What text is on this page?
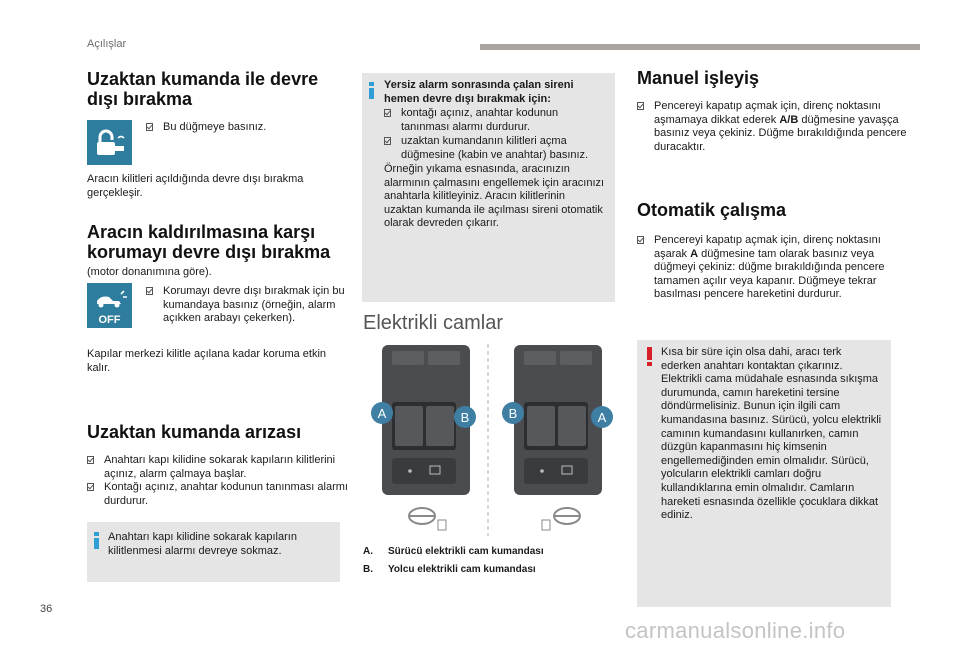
Açılışlar
36
carmanualsonline.info
Uzaktan kumanda ile devre dışı bırakma
Bu düğmeye basınız.

Aracın kilitleri açıldığında devre dışı bırakma gerçekleşir.

Aracın kaldırılmasına karşı korumayı devre dışı bırakma

(motor donanımına göre).

OFF
Korumayı devre dışı bırakmak için bu kumandaya basınız (örneğin, alarm açıkken arabayı çekerken).

Kapılar merkezi kilitle açılana kadar koruma etkin kalır.

Uzaktan kumanda arızası
Anahtarı kapı kilidine sokarak kapıların kilitlerini açınız, alarm çalmaya başlar.
Kontağı açınız, anahtar kodunun tanınması alarmı durdurur.

Anahtarı kapı kilidine sokarak kapıların kilitlenmesi alarmı devreye sokmaz.

Yersiz alarm sonrasında çalan sireni hemen devre dışı bırakmak için:

kontağı açınız, anahtar kodunun tanınması alarmı durdurur.
uzaktan kumandanın kilitleri açma düğmesine (kabin ve anahtar) basınız.

Örneğin yıkama esnasında, aracınızın alarmının çalmasını engellemek için aracınızı anahtarla kilitleyiniz. Aracın kilitlerinin uzaktan kumanda ile açılması sireni otomatik olarak devreden çıkarır.

Elektrikli camlar
A	B	B	A
A. Sürücü elektrikli cam kumandası
B. Yolcu elektrikli cam kumandası
Manuel işleyiş
Pencereyi kapatıp açmak için, direnç noktasını aşmamaya dikkat ederek A/B düğmesine yavaşça basınız veya çekiniz. Düğme bırakıldığında pencere duracaktır.
Otomatik çalışma
Pencereyi kapatıp açmak için, direnç noktasını aşarak A düğmesine tam olarak basınız veya düğmeyi çekiniz: düğme bırakıldığında pencere tamamen açılır veya kapanır. Düğmeye tekrar basılması pencere hareketini durdurur.

Kısa bir süre için olsa dahi, aracı terk ederken anahtarı kontaktan çıkarınız. Elektrikli cama müdahale esnasında sıkışma durumunda, camın hareketini tersine döndürmelisiniz. Bunun için ilgili cam kumandasına basınız. Sürücü, yolcu elektrikli camının kumandasını kullanırken, camın düzgün kapanmasını hiç kimsenin engellemediğinden emin olmalıdır. Sürücü, yolcuların elektrikli camları doğru kullandıklarına emin olmalıdır. Camların hareketi esnasında özellikle çocuklara dikkat ediniz.
